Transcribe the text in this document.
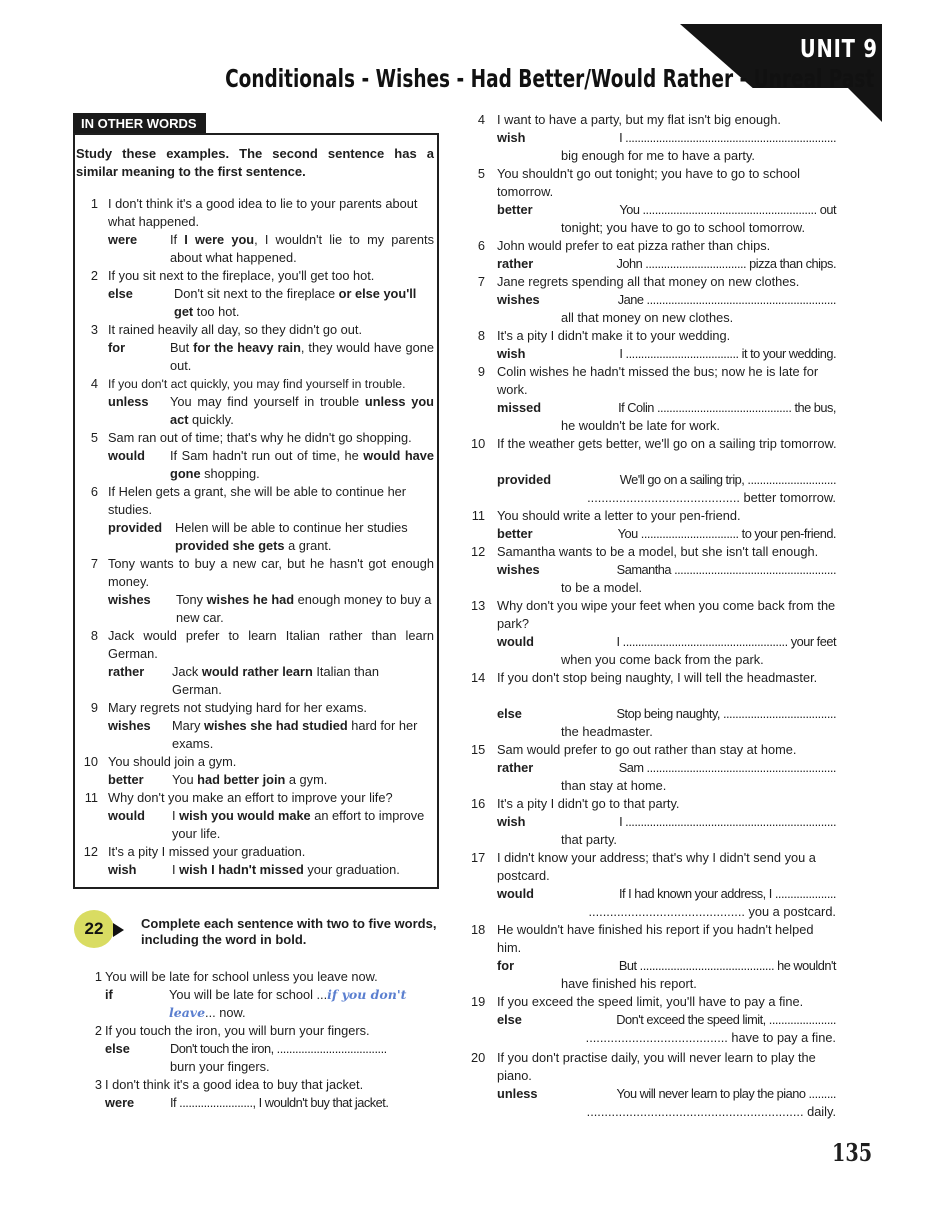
UNIT 9
Conditionals - Wishes - Had Better/Would Rather - Unreal Past
IN OTHER WORDS
Study these examples. The second sentence has a similar meaning to the first sentence.
1 I don't think it's a good idea to lie to your parents about what happened.
were	If I were you, I wouldn't lie to my parents about what happened.
2 If you sit next to the fireplace, you'll get too hot.
else	Don't sit next to the fireplace or else you'll get too hot.
3 It rained heavily all day, so they didn't go out.
for	But for the heavy rain, they would have gone out.
4 If you don't act quickly, you may find yourself in trouble.
unless You may find yourself in trouble unless you act quickly.
5 Sam ran out of time; that's why he didn't go shopping.
would If Sam hadn't run out of time, he would have gone shopping.
6 If Helen gets a grant, she will be able to continue her studies.
provided Helen will be able to continue her studies provided she gets a grant.
7 Tony wants to buy a new car, but he hasn't got enough money.
wishes Tony wishes he had enough money to buy a new car.
8 Jack would prefer to learn Italian rather than learn German.
rather Jack would rather learn Italian than German.
9 Mary regrets not studying hard for her exams.
wishes Mary wishes she had studied hard for her exams.
10 You should join a gym.
better You had better join a gym.
11 Why don't you make an effort to improve your life?
would I wish you would make an effort to improve your life.
12 It's a pity I missed your graduation.
wish	I wish I hadn't missed your graduation.
22	Complete each sentence with two to five words, including the word in bold.
1 You will be late for school unless you leave now.
if	You will be late for school ...if you don't leave... now.
2 If you touch the iron, you will burn your fingers.
else	Don't touch the iron, ....................................
burn your fingers.
3 I don't think it's a good idea to buy that jacket.
were	If ........................, I wouldn't buy that jacket.
4 I want to have a party, but my flat isn't big enough.
wish	I .....................................................................
big enough for me to have a party.
5 You shouldn't go out tonight; you have to go to school tomorrow.
better	You ......................................................... out
tonight; you have to go to school tomorrow.
6 John would prefer to eat pizza rather than chips.
rather	John ................................. pizza than chips.
7 Jane regrets spending all that money on new clothes.
wishes	Jane ..............................................................
all that money on new clothes.
8 It's a pity I didn't make it to your wedding.
wish	I ..................................... it to your wedding.
9 Colin wishes he hadn't missed the bus; now he is late for work.
missed	If Colin ............................................ the bus,
he wouldn't be late for work.
10 If the weather gets better, we'll go on a sailing trip tomorrow.
provided	We'll go on a sailing trip, .............................
........................................... better tomorrow.
11 You should write a letter to your pen-friend.
better	You ................................ to your pen-friend.
12 Samantha wants to be a model, but she isn't tall enough.
wishes	Samantha .....................................................
to be a model.
13 Why don't you wipe your feet when you come back from the park?
would	I ...................................................... your feet
when you come back from the park.
14 If you don't stop being naughty, I will tell the headmaster.
else	Stop being naughty, .....................................
the headmaster.
15 Sam would prefer to go out rather than stay at home.
rather	Sam ..............................................................
than stay at home.
16 It's a pity I didn't go to that party.
wish	I .....................................................................
that party.
17 I didn't know your address; that's why I didn't send you a postcard.
would	If I had known your address, I ....................
............................................ you a postcard.
18 He wouldn't have finished his report if you hadn't helped him.
for	But ............................................ he wouldn't
have finished his report.
19 If you exceed the speed limit, you'll have to pay a fine.
else	Don't exceed the speed limit, ......................
........................................ have to pay a fine.
20 If you don't practise daily, you will never learn to play the piano.
unless	You will never learn to play the piano .........
............................................................. daily.
135
